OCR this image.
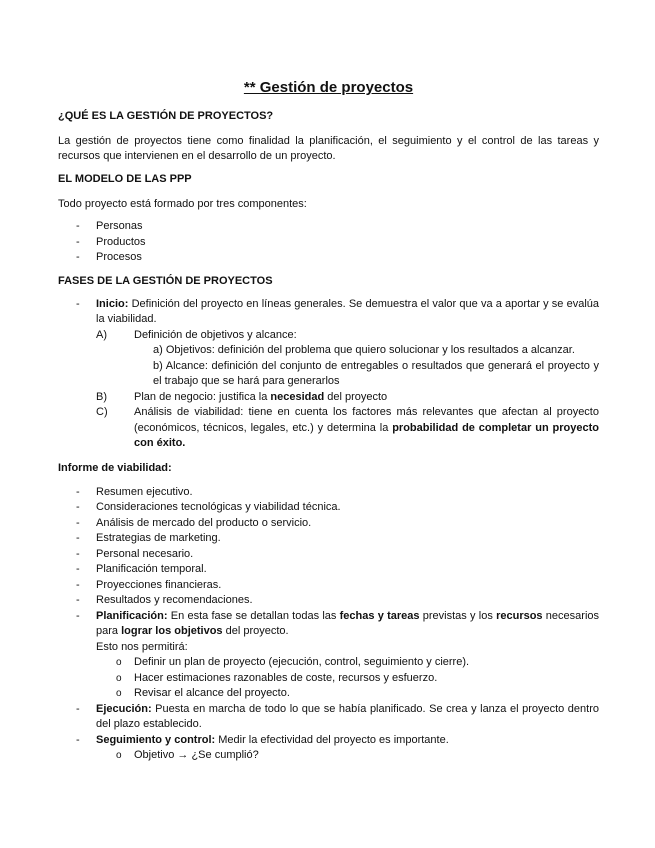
** Gestión de proyectos
¿QUÉ ES LA GESTIÓN DE PROYECTOS?

La gestión de proyectos tiene como finalidad la planificación, el seguimiento y el control de las tareas y recursos que intervienen en el desarrollo de un proyecto.

EL MODELO DE LAS PPP

Todo proyecto está formado por tres componentes:

- Personas
- Productos
- Procesos
FASES DE LA GESTIÓN DE PROYECTOS

- Inicio: Definición del proyecto en líneas generales. Se demuestra el valor que va a aportar y se evalúa la viabilidad.

A) Definición de objetivos y alcance:

a) Objetivos: definición del problema que quiero solucionar y los resultados a alcanzar.

b) Alcance: definición del conjunto de entregables o resultados que generará el proyecto y el trabajo que se hará para generarlos

B) Plan de negocio: justifica la necesidad del proyecto
C) Análisis de viabilidad: tiene en cuenta los factores más relevantes que afectan al proyecto (económicos, técnicos, legales, etc.) y determina la probabilidad de completar un proyecto con éxito.

Informe de viabilidad:
- Resumen ejecutivo.
- Consideraciones tecnológicas y viabilidad técnica.
- Análisis de mercado del producto o servicio.
- Estrategias de marketing.
- Personal necesario.
- Planificación temporal.
- Proyecciones financieras.
- Resultados y recomendaciones.

- Planificación: En esta fase se detallan todas las fechas y tareas previstas y los recursos necesarios para lograr los objetivos del proyecto.

Esto nos permitirá:
o Definir un plan de proyecto (ejecución, control, seguimiento y cierre).
o Hacer estimaciones razonables de coste, recursos y esfuerzo.
o Revisar el alcance del proyecto.

- Ejecución: Puesta en marcha de todo lo que se había planificado. Se crea y lanza el proyecto dentro del plazo establecido.

- Seguimiento y control: Medir la efectividad del proyecto es importante.

o Objetivo → ¿Se cumplió?
